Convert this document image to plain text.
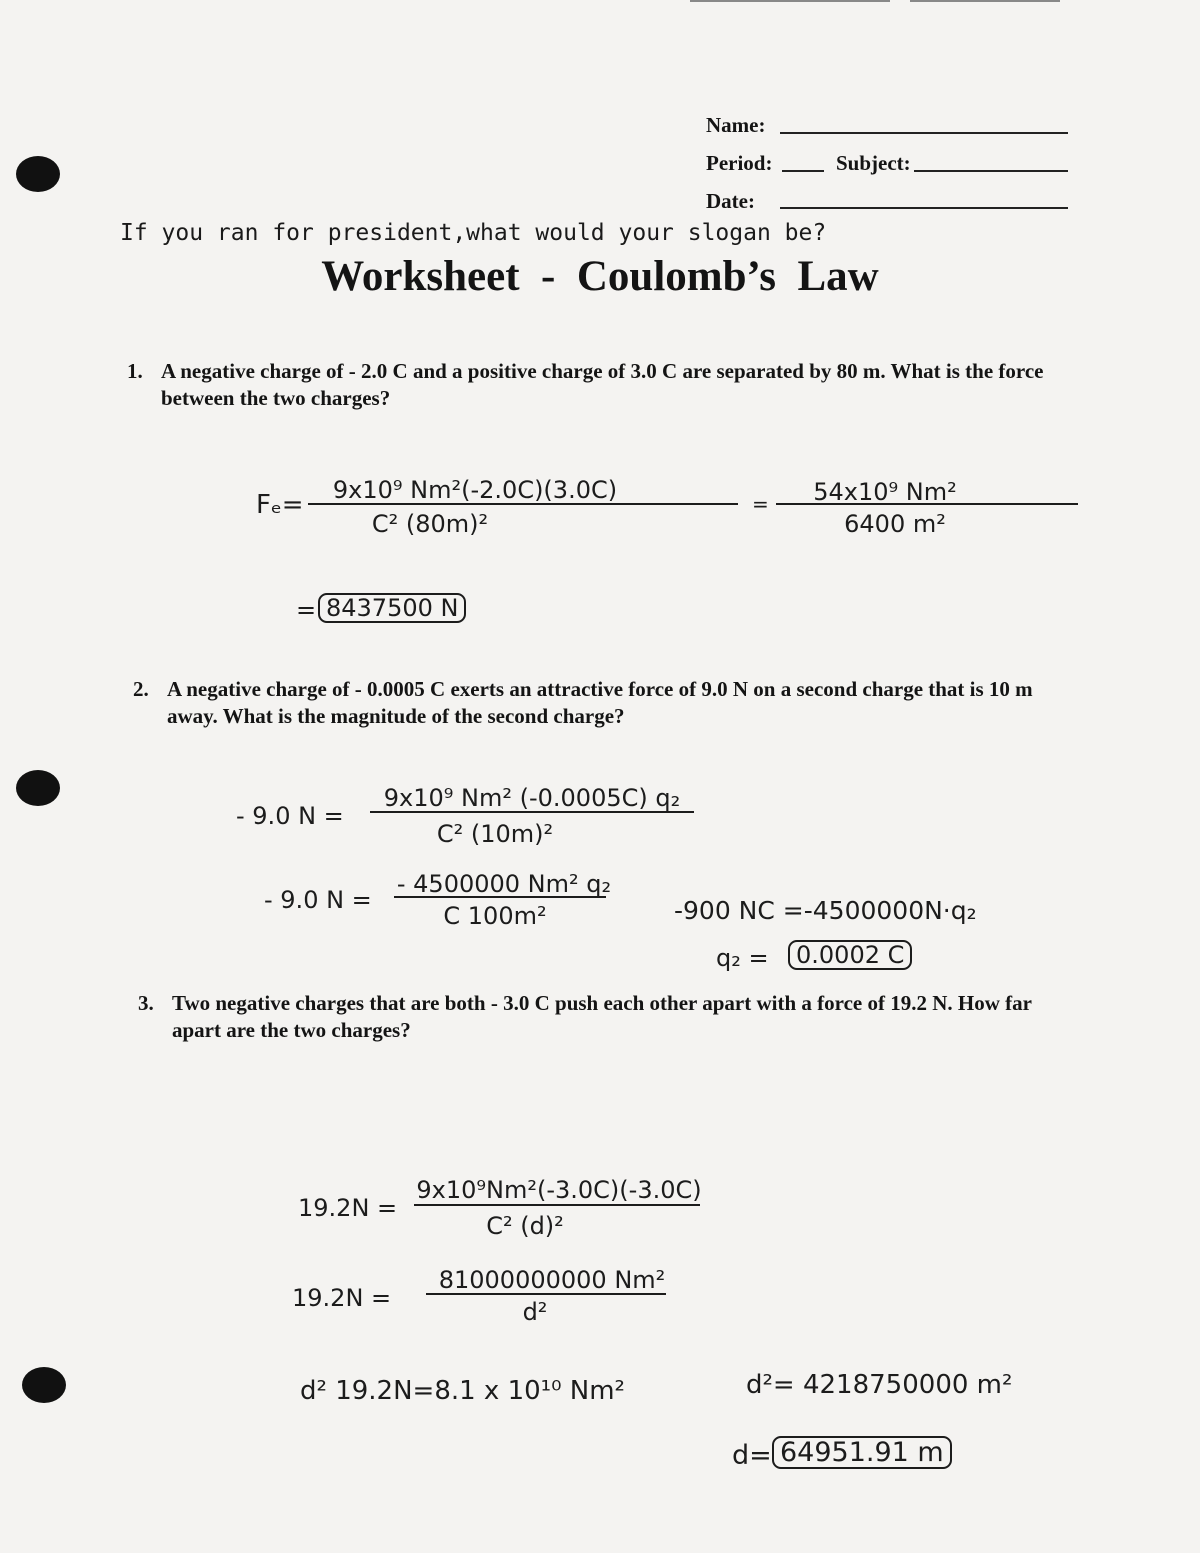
Name:
Period:	Subject:
Date:
If you ran for president,what would your slogan be?
Worksheet  -  Coulomb’s  Law
1. A negative charge of - 2.0 C and a positive charge of 3.0 C are separated by 80 m. What is the force
between the two charges?
Fₑ=	9x10⁹ Nm²(-2.0C)(3.0C)
C² (80m)²
=	54x10⁹ Nm²
6400 m²
= 8437500 N
2. A negative charge of - 0.0005 C exerts an attractive force of 9.0 N on a second charge that is 10 m
away. What is the magnitude of the second charge?
- 9.0 N =
9x10⁹ Nm² (-0.0005C) q₂
C² (10m)²
- 9.0 N =
- 4500000 Nm² q₂
C 100m²	-900 NC =-4500000N·q₂
q₂ =	0.0002 C
3. Two negative charges that are both - 3.0 C push each other apart with a force of 19.2 N. How far
apart are the two charges?
19.2N =
9x10⁹Nm²(-3.0C)(-3.0C)
C² (d)²
19.2N =
81000000000 Nm²
d²
d² 19.2N=8.1 x 10¹⁰ Nm²	d²= 4218750000 m²
d= 64951.91 m
